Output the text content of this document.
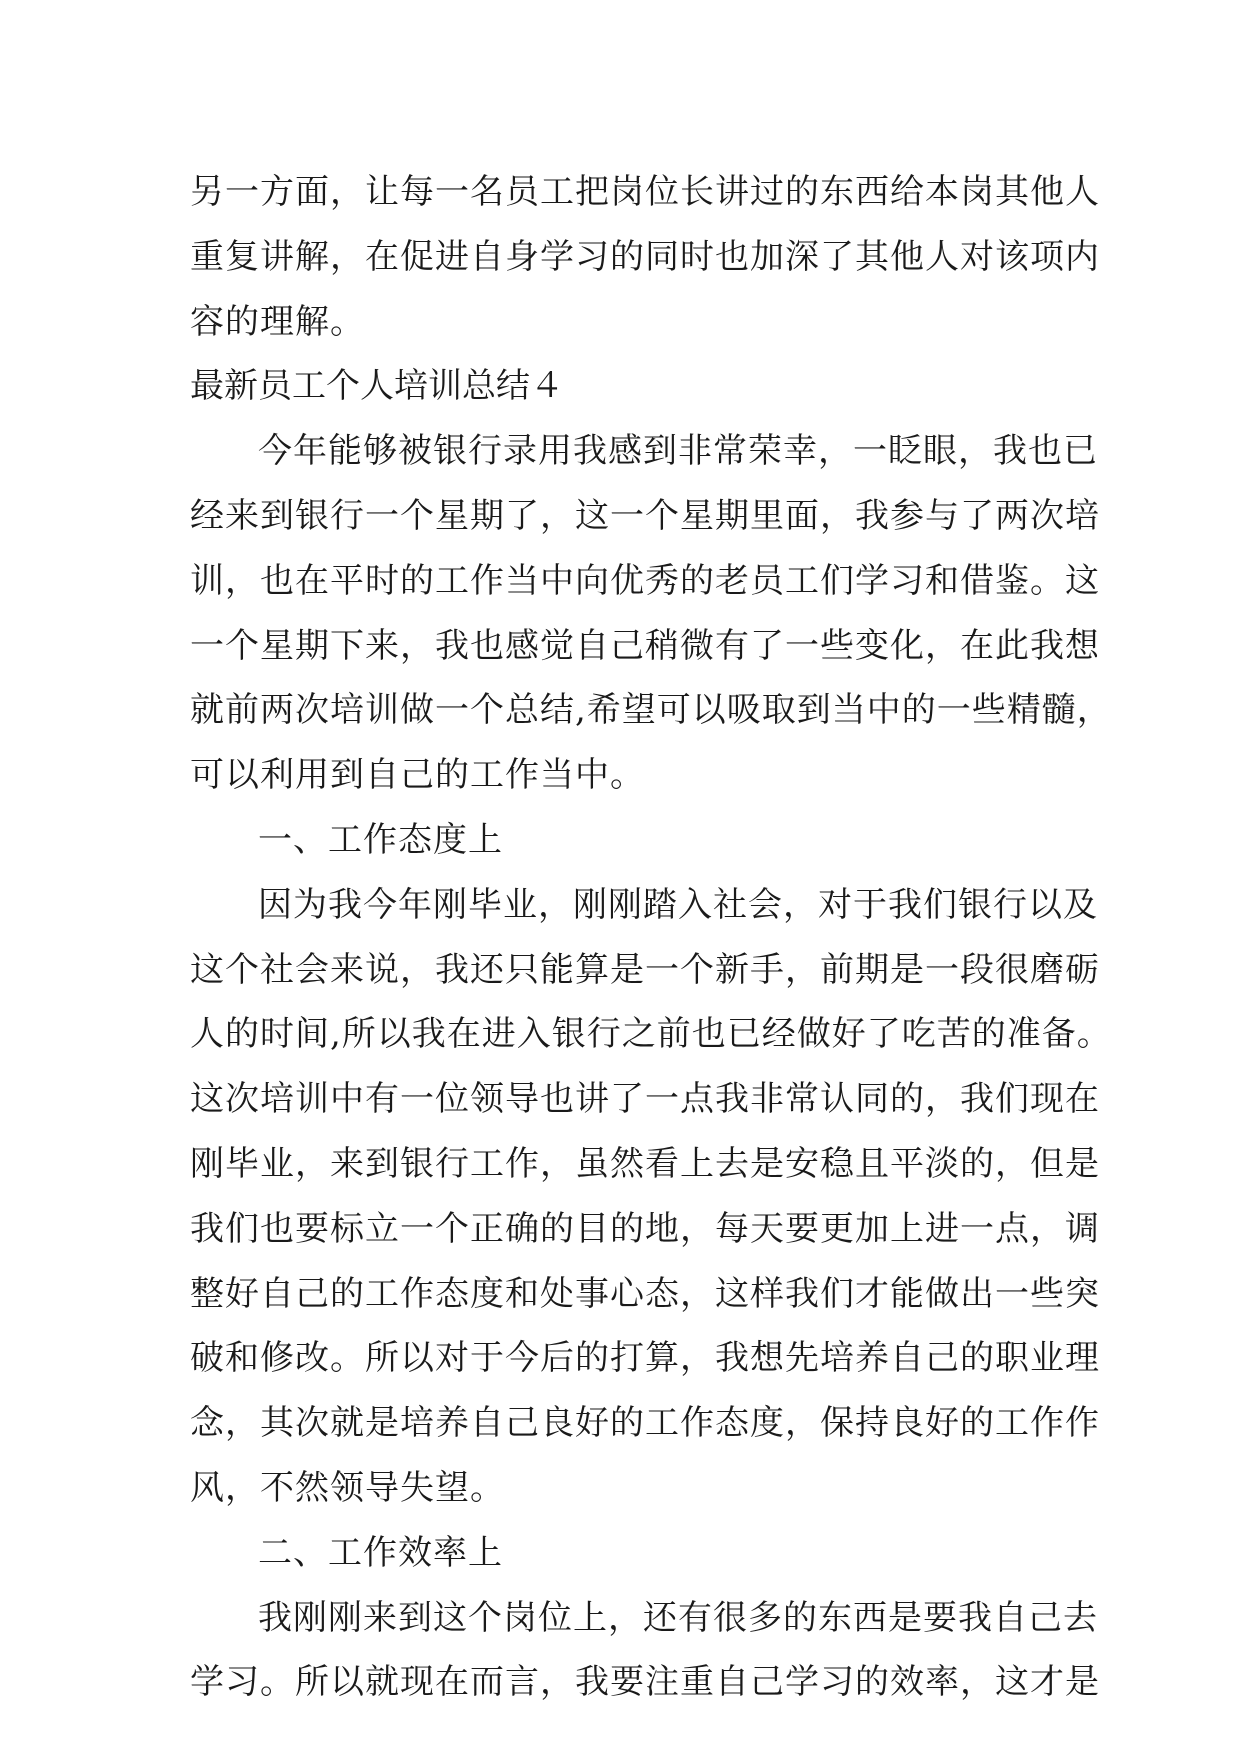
另一方面，让每一名员工把岗位长讲过的东西给本岗其他人
重复讲解，在促进自身学习的同时也加深了其他人对该项内
容的理解。
最新员工个人培训总结４
今年能够被银行录用我感到非常荣幸，一眨眼，我也已
经来到银行一个星期了，这一个星期里面，我参与了两次培
训，也在平时的工作当中向优秀的老员工们学习和借鉴。这
一个星期下来，我也感觉自己稍微有了一些变化，在此我想
就前两次培训做一个总结,希望可以吸取到当中的一些精髓，
可以利用到自己的工作当中。
一、工作态度上
因为我今年刚毕业，刚刚踏入社会，对于我们银行以及
这个社会来说，我还只能算是一个新手，前期是一段很磨砺
人的时间,所以我在进入银行之前也已经做好了吃苦的准备。
这次培训中有一位领导也讲了一点我非常认同的，我们现在
刚毕业，来到银行工作，虽然看上去是安稳且平淡的，但是
我们也要标立一个正确的目的地，每天要更加上进一点，调
整好自己的工作态度和处事心态，这样我们才能做出一些突
破和修改。所以对于今后的打算，我想先培养自己的职业理
念，其次就是培养自己良好的工作态度，保持良好的工作作
风，不然领导失望。
二、工作效率上
我刚刚来到这个岗位上，还有很多的东西是要我自己去
学习。所以就现在而言，我要注重自己学习的效率，这才是
